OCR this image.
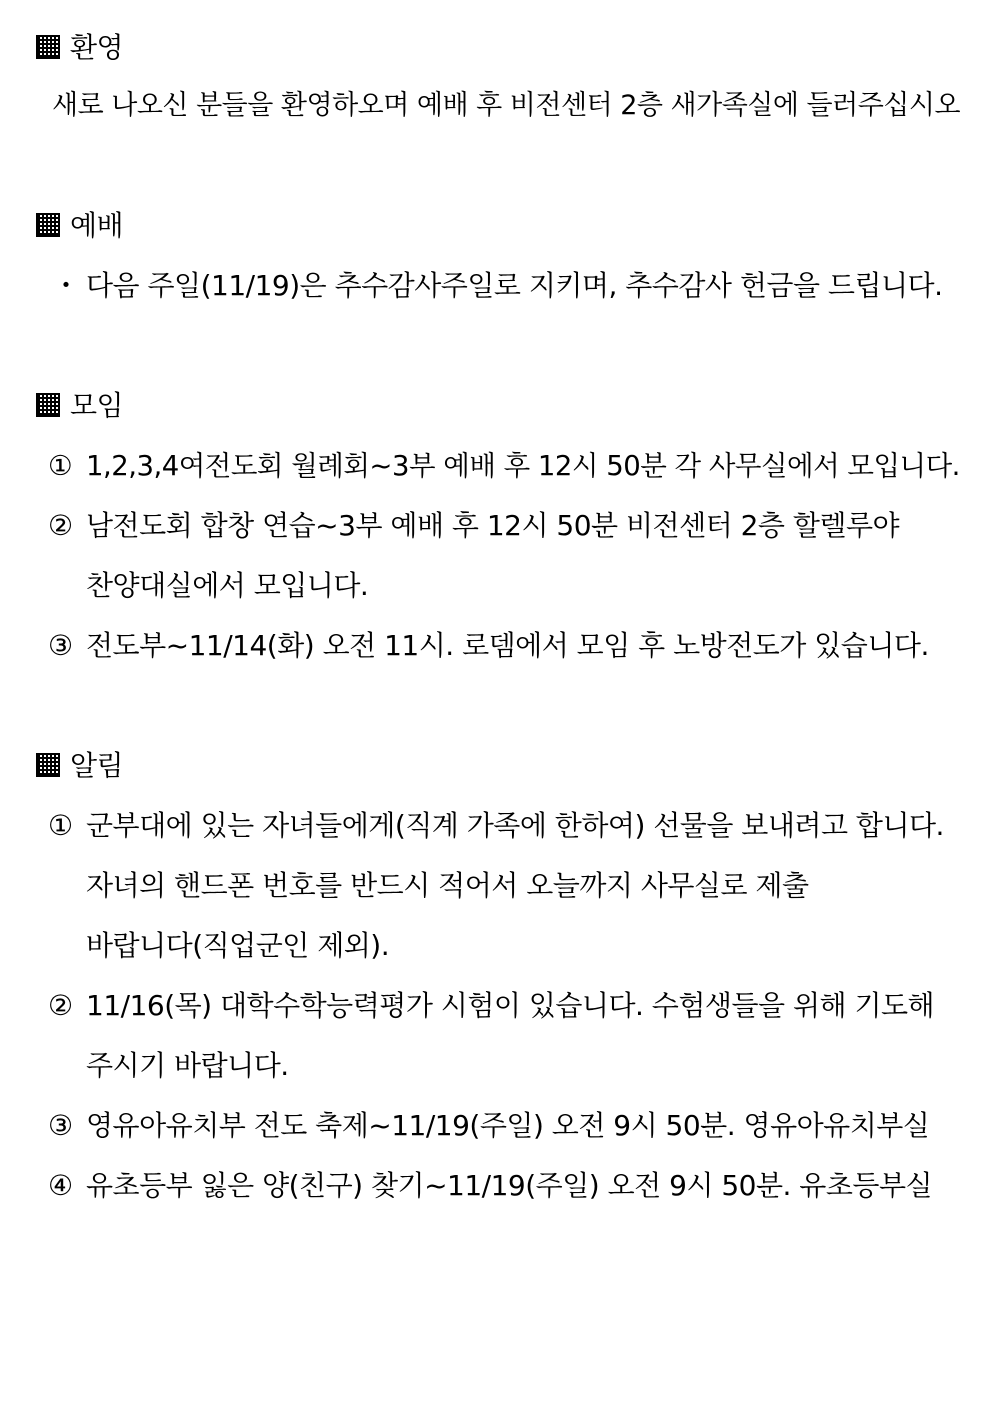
환영
새로 나오신 분들을 환영하오며 예배 후 비전센터 2층 새가족실에 들러주십시오
예배
・ 다음 주일(11/19)은 추수감사주일로 지키며, 추수감사 헌금을 드립니다.
모임
① 1,2,3,4여전도회 월례회~3부 예배 후 12시 50분 각 사무실에서 모입니다.
② 남전도회 합창 연습~3부 예배 후 12시 50분 비전센터 2층 할렐루야
찬양대실에서 모입니다.
③ 전도부~11/14(화) 오전 11시. 로뎀에서 모임 후 노방전도가 있습니다.
알림
① 군부대에 있는 자녀들에게(직계 가족에 한하여) 선물을 보내려고 합니다.
자녀의 핸드폰 번호를 반드시 적어서 오늘까지 사무실로 제출
바랍니다(직업군인 제외).
② 11/16(목) 대학수학능력평가 시험이 있습니다. 수험생들을 위해 기도해
주시기 바랍니다.
③ 영유아유치부 전도 축제~11/19(주일) 오전 9시 50분. 영유아유치부실
④ 유초등부 잃은 양(친구) 찾기~11/19(주일) 오전 9시 50분. 유초등부실
